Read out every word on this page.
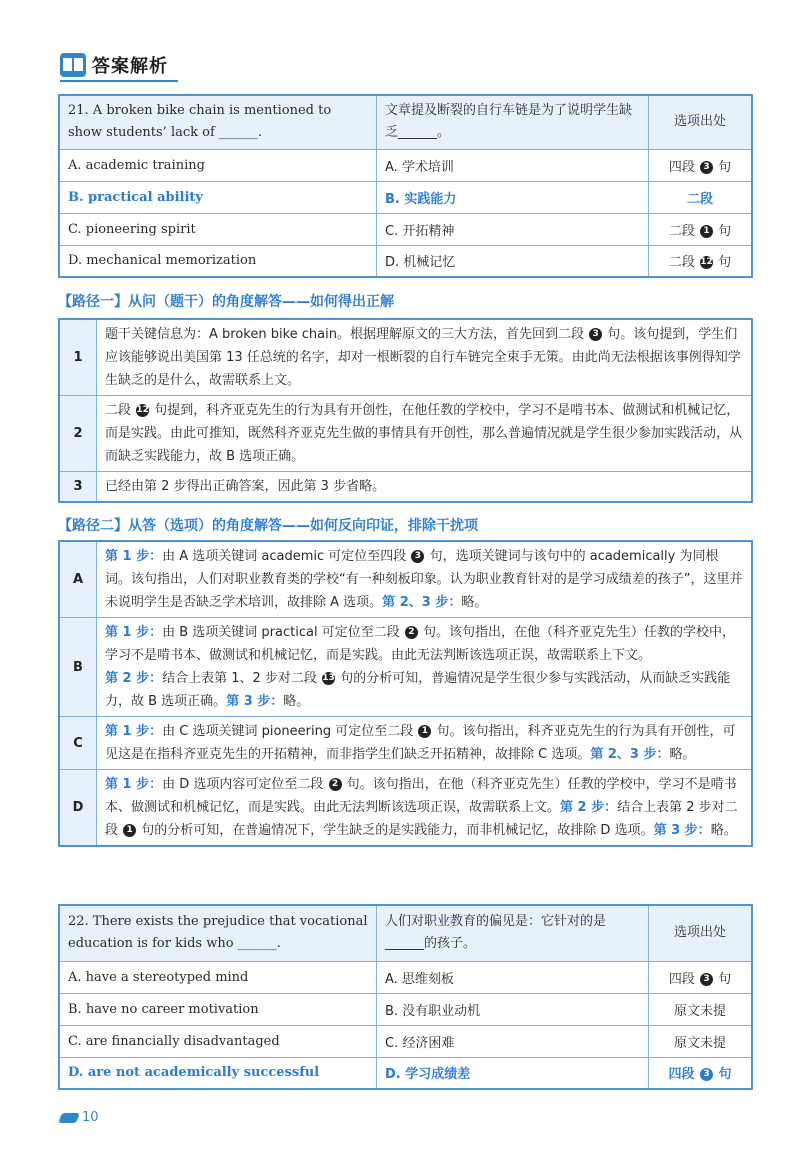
答案解析
21. A broken bike chain is mentioned to show students’ lack of ______.	文章提及断裂的自行车链是为了说明学生缺乏______。	选项出处
A. academic training	A. 学术培训	四段 3 句
B. practical ability	B. 实践能力	二段
C. pioneering spirit	C. 开拓精神	二段 1 句
D. mechanical memorization	D. 机械记忆	二段 12 句
【路径一】从问（题干）的角度解答——如何得出正解
1	题干关键信息为：A broken bike chain。根据理解原文的三大方法，首先回到二段 3 句。该句提到，学生们应该能够说出美国第 13 任总统的名字，却对一根断裂的自行车链完全束手无策。由此尚无法根据该事例得知学生缺乏的是什么，故需联系上文。
2	二段 12 句提到，科齐亚克先生的行为具有开创性，在他任教的学校中，学习不是啃书本、做测试和机械记忆，而是实践。由此可推知，既然科齐亚克先生做的事情具有开创性，那么普遍情况就是学生很少参加实践活动，从而缺乏实践能力，故 B 选项正确。
3	已经由第 2 步得出正确答案，因此第 3 步省略。
【路径二】从答（选项）的角度解答——如何反向印证，排除干扰项
A	第 1 步：由 A 选项关键词 academic 可定位至四段 3 句，选项关键词与该句中的 academically 为同根词。该句指出，人们对职业教育类的学校“有一种刻板印象。认为职业教育针对的是学习成绩差的孩子”，这里并未说明学生是否缺乏学术培训，故排除 A 选项。第 2、3 步：略。
B	第 1 步：由 B 选项关键词 practical 可定位至二段 2 句。该句指出，在他（科齐亚克先生）任教的学校中，学习不是啃书本、做测试和机械记忆，而是实践。由此无法判断该选项正误，故需联系上下文。
第 2 步：结合上表第 1、2 步对二段 13 句的分析可知，普遍情况是学生很少参与实践活动，从而缺乏实践能力，故 B 选项正确。第 3 步：略。
C	第 1 步：由 C 选项关键词 pioneering 可定位至二段 1 句。该句指出，科齐亚克先生的行为具有开创性，可见这是在指科齐亚克先生的开拓精神，而非指学生们缺乏开拓精神，故排除 C 选项。第 2、3 步：略。
D	第 1 步：由 D 选项内容可定位至二段 2 句。该句指出，在他（科齐亚克先生）任教的学校中，学习不是啃书本、做测试和机械记忆，而是实践。由此无法判断该选项正误，故需联系上文。第 2 步：结合上表第 2 步对二段 1 句的分析可知，在普遍情况下，学生缺乏的是实践能力，而非机械记忆，故排除 D 选项。第 3 步：略。
22. There exists the prejudice that vocational education is for kids who ______.	人们对职业教育的偏见是：它针对的是______的孩子。	选项出处
A. have a stereotyped mind	A. 思维刻板	四段 3 句
B. have no career motivation	B. 没有职业动机	原文未提
C. are financially disadvantaged	C. 经济困难	原文未提
D. are not academically successful	D. 学习成绩差	四段 3 句
10
